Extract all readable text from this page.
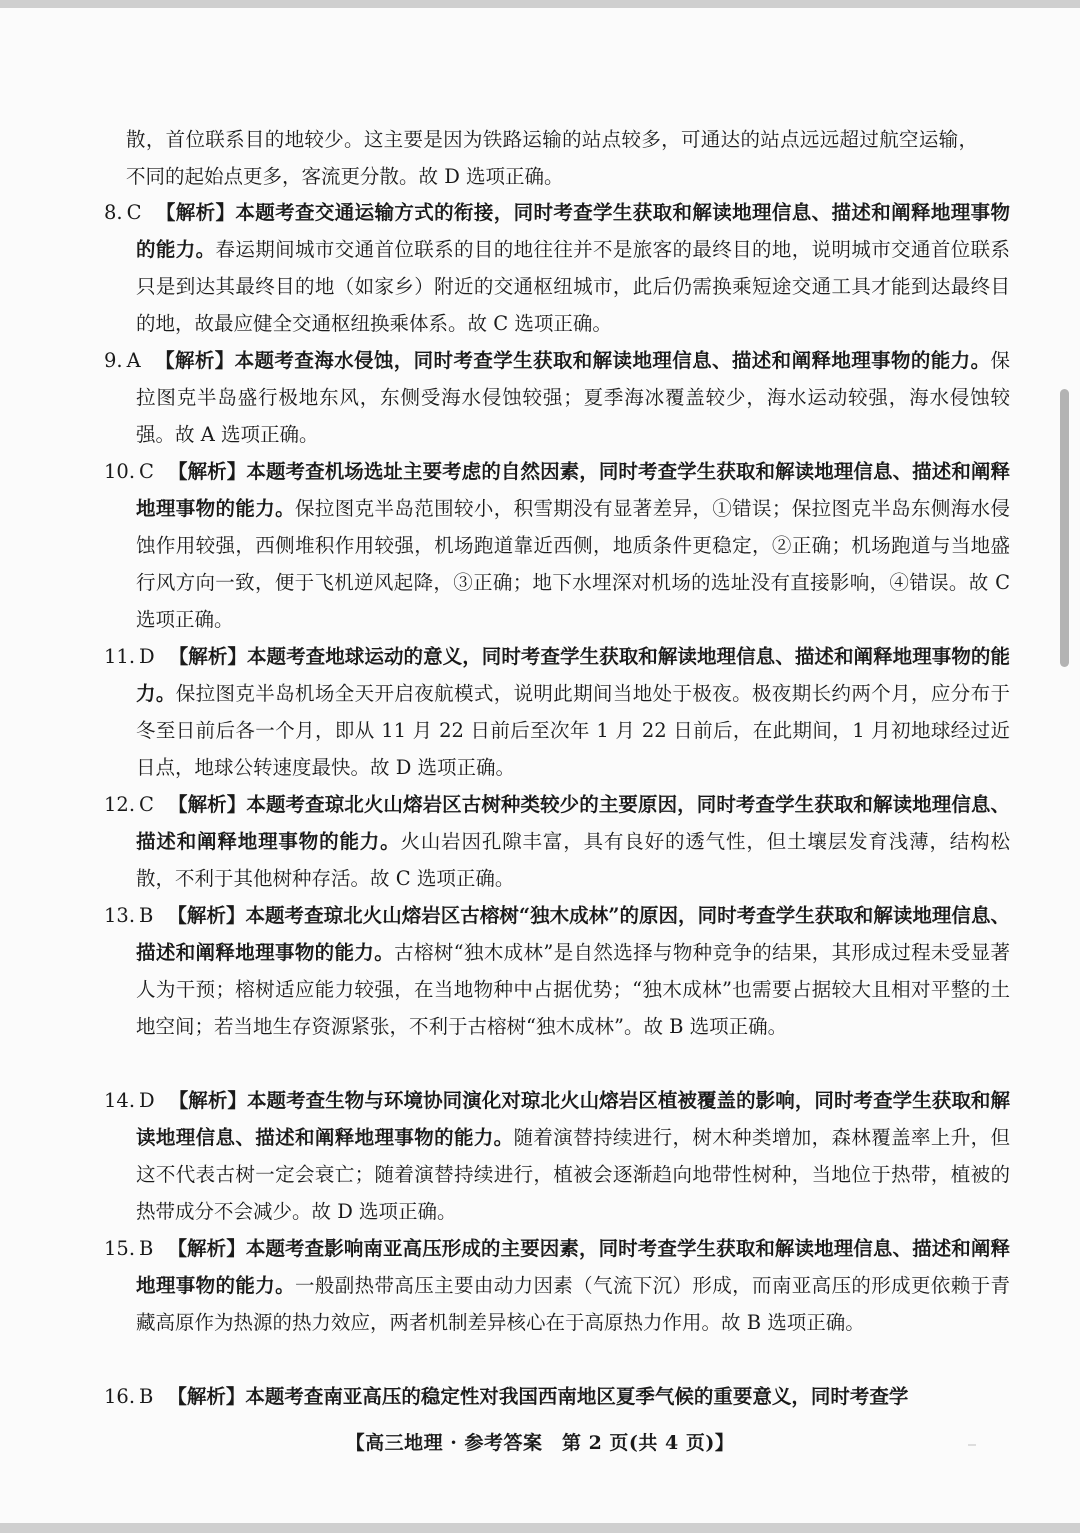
散，首位联系目的地较少。这主要是因为铁路运输的站点较多，可通达的站点远远超过航空运输，不同的起始点更多，客流更分散。故 D 选项正确。
8. C 【解析】本题考查交通运输方式的衔接，同时考查学生获取和解读地理信息、描述和阐释地理事物的能力。春运期间城市交通首位联系的目的地往往并不是旅客的最终目的地，说明城市交通首位联系只是到达其最终目的地（如家乡）附近的交通枢纽城市，此后仍需换乘短途交通工具才能到达最终目的地，故最应健全交通枢纽换乘体系。故 C 选项正确。
9. A 【解析】本题考查海水侵蚀，同时考查学生获取和解读地理信息、描述和阐释地理事物的能力。保拉图克半岛盛行极地东风，东侧受海水侵蚀较强；夏季海冰覆盖较少，海水运动较强，海水侵蚀较强。故 A 选项正确。
10. C 【解析】本题考查机场选址主要考虑的自然因素，同时考查学生获取和解读地理信息、描述和阐释地理事物的能力。保拉图克半岛范围较小，积雪期没有显著差异，①错误；保拉图克半岛东侧海水侵蚀作用较强，西侧堆积作用较强，机场跑道靠近西侧，地质条件更稳定，②正确；机场跑道与当地盛行风方向一致，便于飞机逆风起降，③正确；地下水埋深对机场的选址没有直接影响，④错误。故 C 选项正确。
11. D 【解析】本题考查地球运动的意义，同时考查学生获取和解读地理信息、描述和阐释地理事物的能力。保拉图克半岛机场全天开启夜航模式，说明此期间当地处于极夜。极夜期长约两个月，应分布于冬至日前后各一个月，即从 11 月 22 日前后至次年 1 月 22 日前后，在此期间，1 月初地球经过近日点，地球公转速度最快。故 D 选项正确。
12. C 【解析】本题考查琼北火山熔岩区古树种类较少的主要原因，同时考查学生获取和解读地理信息、描述和阐释地理事物的能力。火山岩因孔隙丰富，具有良好的透气性，但土壤层发育浅薄，结构松散，不利于其他树种存活。故 C 选项正确。
13. B 【解析】本题考查琼北火山熔岩区古榕树“独木成林”的原因，同时考查学生获取和解读地理信息、描述和阐释地理事物的能力。古榕树“独木成林”是自然选择与物种竞争的结果，其形成过程未受显著人为干预；榕树适应能力较强，在当地物种中占据优势；“独木成林”也需要占据较大且相对平整的土地空间；若当地生存资源紧张，不利于古榕树“独木成林”。故 B 选项正确。
14. D 【解析】本题考查生物与环境协同演化对琼北火山熔岩区植被覆盖的影响，同时考查学生获取和解读地理信息、描述和阐释地理事物的能力。随着演替持续进行，树木种类增加，森林覆盖率上升，但这不代表古树一定会衰亡；随着演替持续进行，植被会逐渐趋向地带性树种，当地位于热带，植被的热带成分不会减少。故 D 选项正确。
15. B 【解析】本题考查影响南亚高压形成的主要因素，同时考查学生获取和解读地理信息、描述和阐释地理事物的能力。一般副热带高压主要由动力因素（气流下沉）形成，而南亚高压的形成更依赖于青藏高原作为热源的热力效应，两者机制差异核心在于高原热力作用。故 B 选项正确。
16. B 【解析】本题考查南亚高压的稳定性对我国西南地区夏季气候的重要意义，同时考查学
【高三地理 · 参考答案　第 2 页(共 4 页)】
